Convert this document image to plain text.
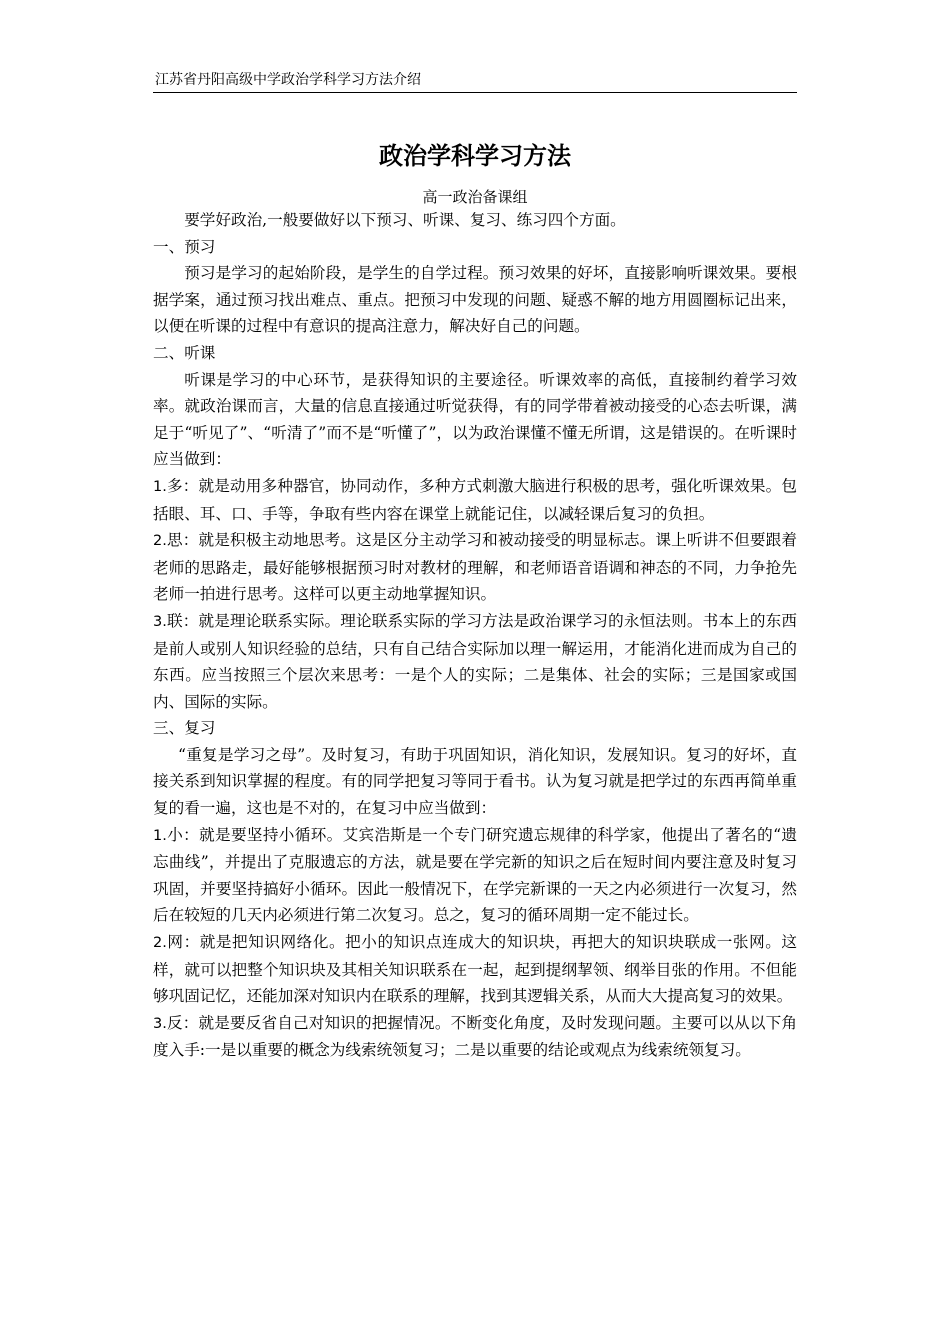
江苏省丹阳高级中学政治学科学习方法介绍
政治学科学习方法
高一政治备课组

要学好政治,一般要做好以下预习、听课、复习、练习四个方面。

一、预习

预习是学习的起始阶段，是学生的自学过程。预习效果的好坏，直接影响听课效果。要根据学案，通过预习找出难点、重点。把预习中发现的问题、疑惑不解的地方用圆圈标记出来，以便在听课的过程中有意识的提高注意力，解决好自己的问题。

二、听课

听课是学习的中心环节，是获得知识的主要途径。听课效率的高低，直接制约着学习效率。就政治课而言，大量的信息直接通过听觉获得，有的同学带着被动接受的心态去听课，满足于“听见了”、“听清了”而不是“听懂了”，以为政治课懂不懂无所谓，这是错误的。在听课时应当做到：

1.多：就是动用多种器官，协同动作，多种方式刺激大脑进行积极的思考，强化听课效果。包括眼、耳、口、手等，争取有些内容在课堂上就能记住，以减轻课后复习的负担。

2.思：就是积极主动地思考。这是区分主动学习和被动接受的明显标志。课上听讲不但要跟着老师的思路走，最好能够根据预习时对教材的理解，和老师语音语调和神态的不同，力争抢先老师一拍进行思考。这样可以更主动地掌握知识。

3.联：就是理论联系实际。理论联系实际的学习方法是政治课学习的永恒法则。书本上的东西是前人或别人知识经验的总结，只有自己结合实际加以理一解运用，才能消化进而成为自己的东西。应当按照三个层次来思考：一是个人的实际；二是集体、社会的实际；三是国家或国内、国际的实际。

三、复习

“重复是学习之母”。及时复习，有助于巩固知识，消化知识，发展知识。复习的好坏，直接关系到知识掌握的程度。有的同学把复习等同于看书。认为复习就是把学过的东西再简单重复的看一遍，这也是不对的，在复习中应当做到：

1.小：就是要坚持小循环。艾宾浩斯是一个专门研究遗忘规律的科学家，他提出了著名的“遗忘曲线”，并提出了克服遗忘的方法，就是要在学完新的知识之后在短时间内要注意及时复习巩固，并要坚持搞好小循环。因此一般情况下，在学完新课的一天之内必须进行一次复习，然后在较短的几天内必须进行第二次复习。总之，复习的循环周期一定不能过长。

2.网：就是把知识网络化。把小的知识点连成大的知识块，再把大的知识块联成一张网。这样，就可以把整个知识块及其相关知识联系在一起，起到提纲挈领、纲举目张的作用。不但能够巩固记忆，还能加深对知识内在联系的理解，找到其逻辑关系，从而大大提高复习的效果。

3.反：就是要反省自己对知识的把握情况。不断变化角度，及时发现问题。主要可以从以下角度入手:一是以重要的概念为线索统领复习；二是以重要的结论或观点为线索统领复习。
